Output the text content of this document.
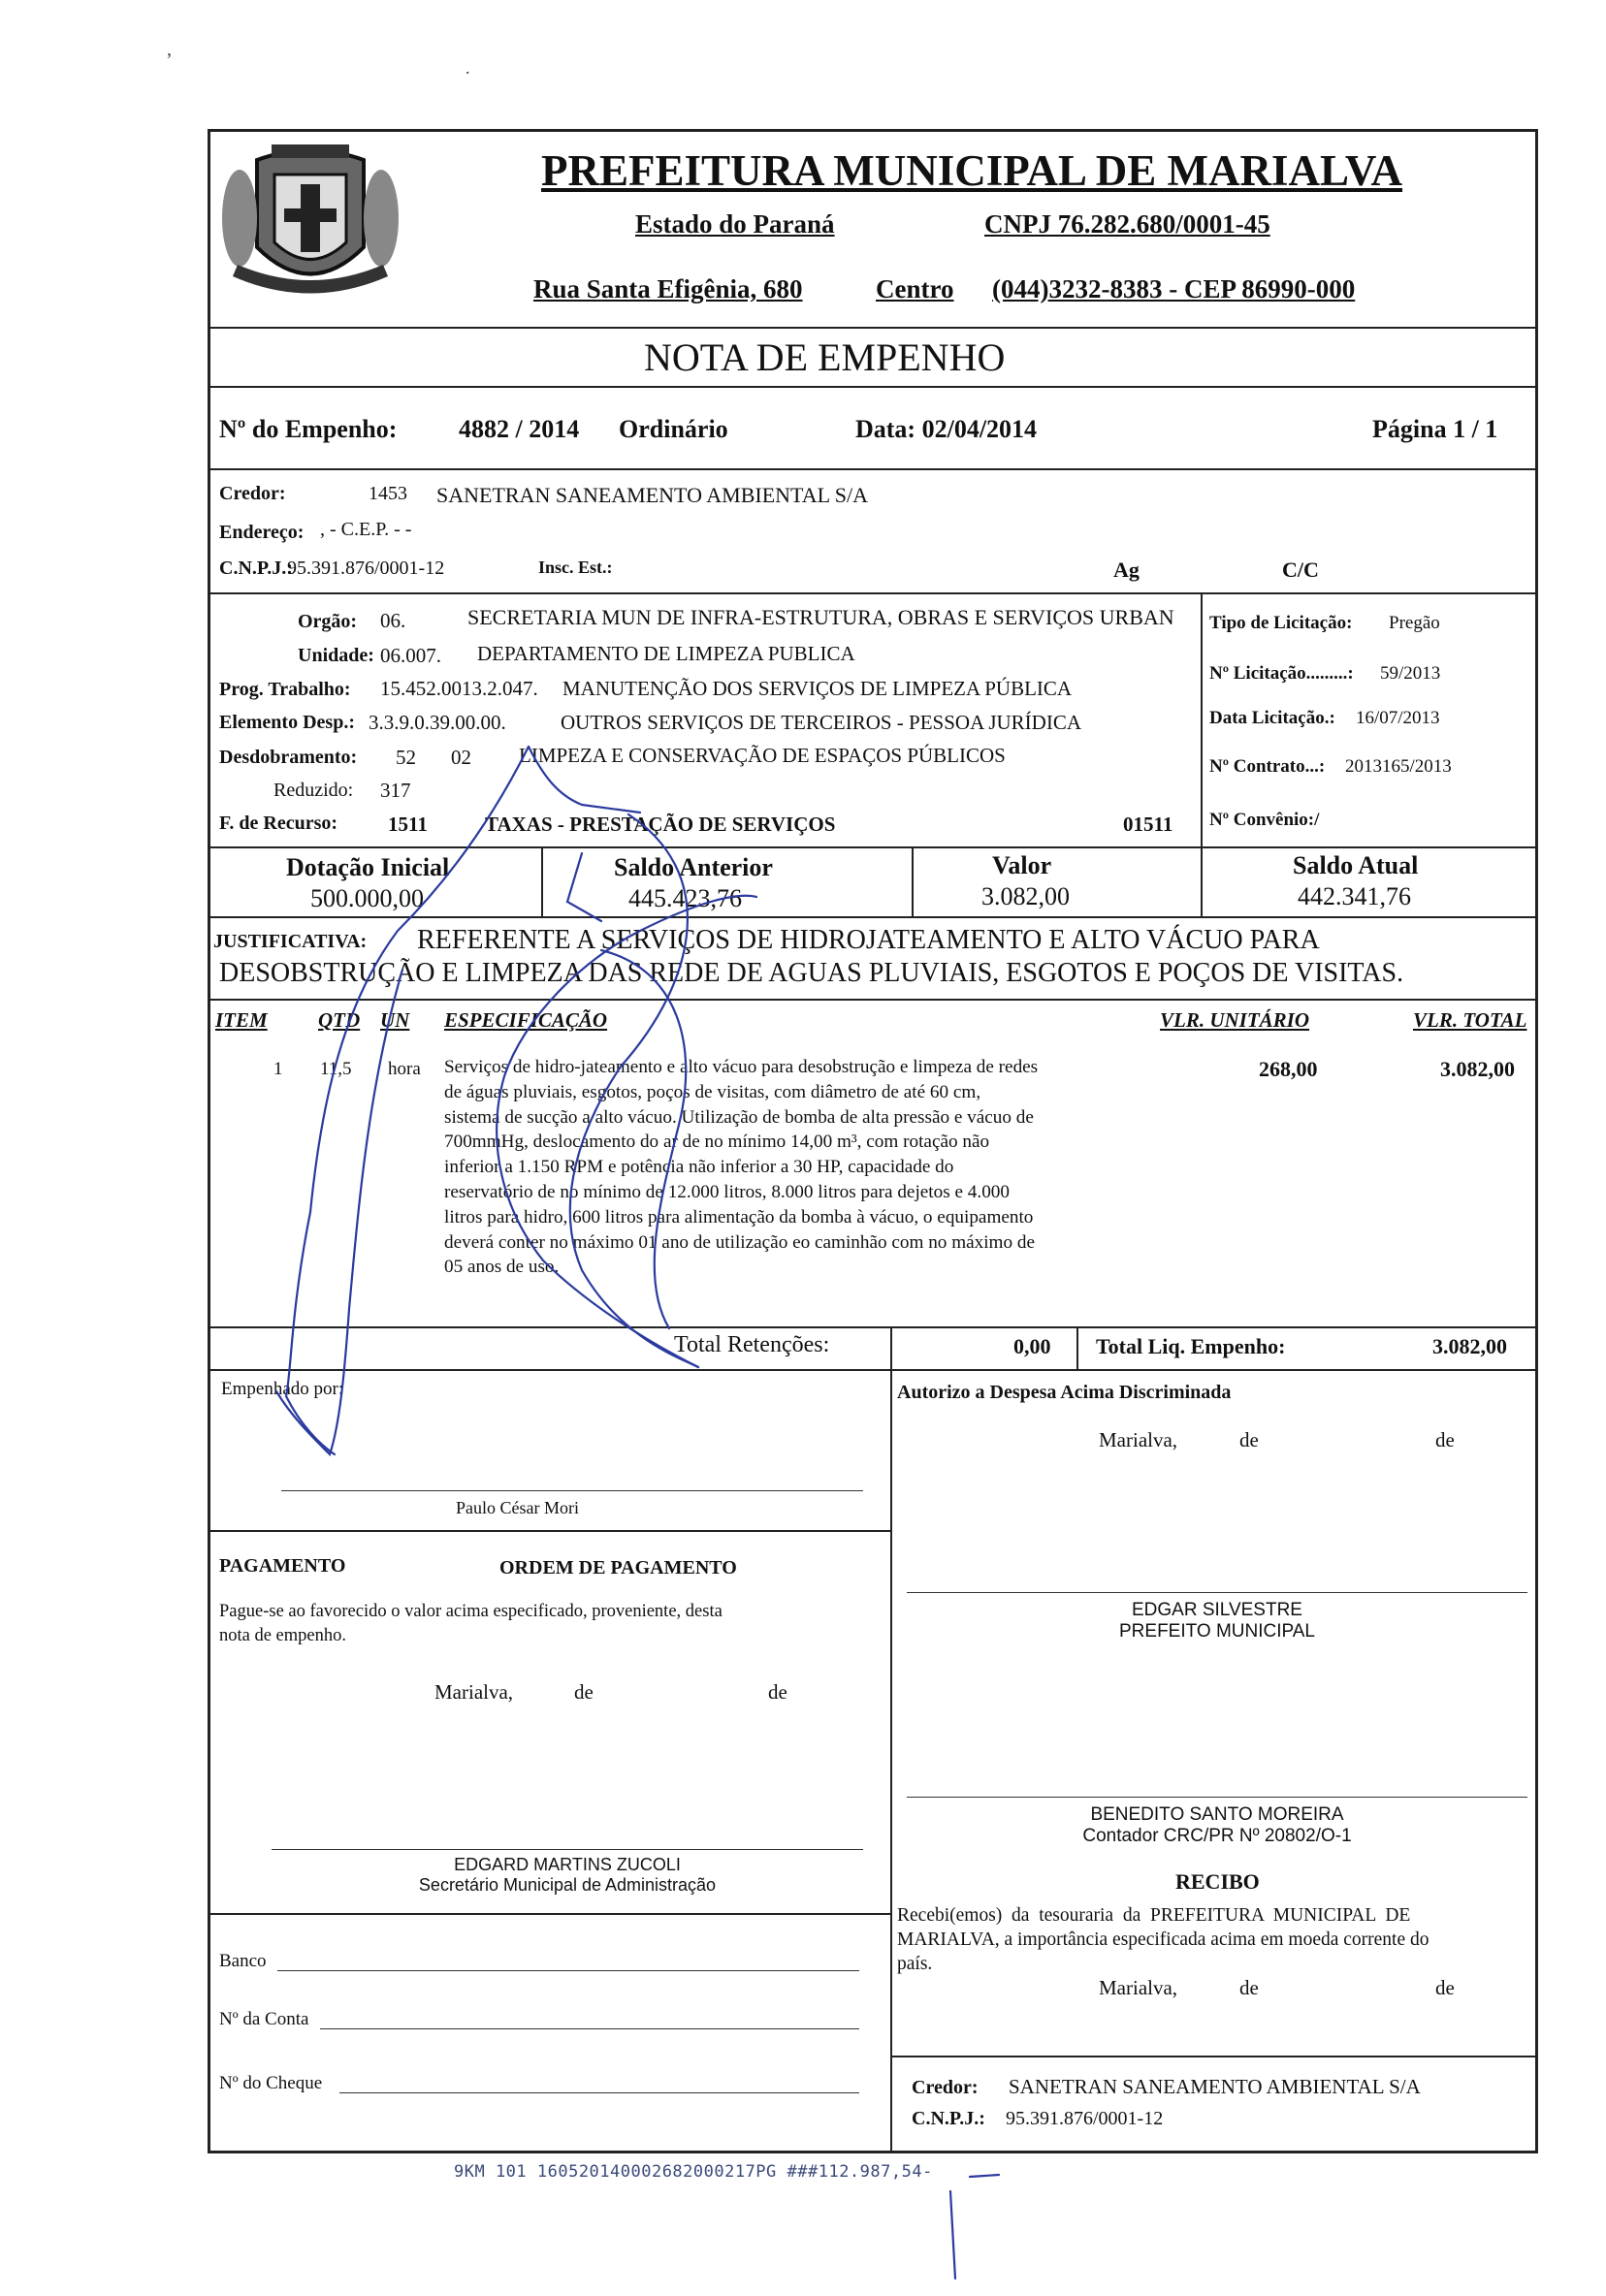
,
.
PREFEITURA MUNICIPAL DE MARIALVA
Estado do Paraná	CNPJ 76.282.680/0001-45
Rua Santa Efigênia, 680	Centro (044)3232-8383 - CEP 86990-000
NOTA DE EMPENHO
Nº do Empenho: 4882 / 2014 Ordinário	Data: 02/04/2014	Página 1 / 1
Credor:	1453 SANETRAN SANEAMENTO AMBIENTAL S/A
Endereço: , - C.E.P. - -
C.N.P.J.:
95.391.876/0001-12	Insc. Est.:	Ag	C/C
Orgão: 06.	SECRETARIA MUN DE INFRA-ESTRUTURA, OBRAS E SERVIÇOS URBAN
Unidade: 06.007. DEPARTAMENTO DE LIMPEZA PUBLICA
Prog. Trabalho: 15.452.0013.2.047. MANUTENÇÃO DOS SERVIÇOS DE LIMPEZA PÚBLICA
Elemento Desp.: 3.3.9.0.39.00.00.	OUTROS SERVIÇOS DE TERCEIROS - PESSOA JURÍDICA
Desdobramento: 52 02 LIMPEZA E CONSERVAÇÃO DE ESPAÇOS PÚBLICOS
Reduzido: 317
F. de Recurso: 1511	TAXAS - PRESTAÇÃO DE SERVIÇOS	01511
Tipo de Licitação: Pregão
Nº Licitação.........: 59/2013
Data Licitação.: 16/07/2013
Nº Contrato...: 2013165/2013
Nº Convênio:/
Dotação Inicial
500.000,00
Saldo Anterior
445.423,76
Valor
3.082,00
Saldo Atual
442.341,76
JUSTIFICATIVA: REFERENTE A SERVIÇOS DE HIDROJATEAMENTO E ALTO VÁCUO PARA
DESOBSTRUÇÃO E LIMPEZA DAS REDE DE AGUAS PLUVIAIS, ESGOTOS E POÇOS DE VISITAS.
ITEM QTD UN ESPECIFICAÇÃO	VLR. UNITÁRIO	VLR. TOTAL
1 11,5 hora Serviços de hidro-jateamento e alto vácuo para desobstrução e limpeza de redes
de águas pluviais, esgotos, poços de visitas, com diâmetro de até 60 cm,
sistema de sucção a alto vácuo. Utilização de bomba de alta pressão e vácuo de
700mmHg, deslocamento do ar de no mínimo 14,00 m³, com rotação não
inferior a 1.150 RPM e potência não inferior a 30 HP, capacidade do
reservatório de no mínimo de 12.000 litros, 8.000 litros para dejetos e 4.000
litros para hidro, 600 litros para alimentação da bomba à vácuo, o equipamento
deverá conter no máximo 01 ano de utilização eo caminhão com no máximo de
05 anos de uso.
268,00	3.082,00
Total Retenções:	0,00 Total Liq. Empenho:	3.082,00
Empenhado por:
Paulo César Mori
Autorizo a Despesa Acima Discriminada
Marialva,	de	de
PAGAMENTO	ORDEM DE PAGAMENTO
Pague-se ao favorecido o valor acima especificado, proveniente, desta
nota de empenho.
Marialva,	de	de
EDGAR SILVESTRE
PREFEITO MUNICIPAL
BENEDITO SANTO MOREIRA
Contador CRC/PR Nº 20802/O-1
EDGARD MARTINS ZUCOLI
Secretário Municipal de Administração	RECIBO
Recebi(emos)  da  tesouraria  da  PREFEITURA  MUNICIPAL  DE
MARIALVA, a importância especificada acima em moeda corrente do
país.
Marialva,	de	de
Banco
Nº da Conta
Nº do Cheque	Credor: SANETRAN SANEAMENTO AMBIENTAL S/A
C.N.P.J.: 95.391.876/0001-12
9KM 101 160520140002682000217PG ###112.987,54-
